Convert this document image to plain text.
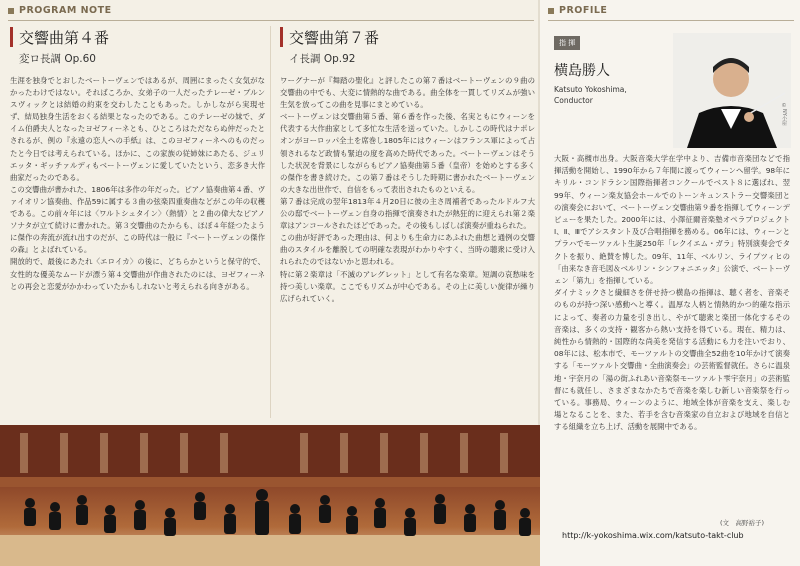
PROGRAM NOTE
交響曲第４番
変ロ長調 Op.60
生涯を独身でとおしたベートーヴェンではあるが、周囲にまったく女気がなかったわけではない。そればころか、女弟子の一人だったテレーゼ・ブルンスヴィックとは結婚の約束を交わしたこともあった。しかしながら実現せず、結局独身生活をおくる結果となったのである。このテレーゼの妹で、ダイム伯爵夫人となったヨゼフィーネとも、ひところはただならぬ仲だったとされるが、例の『永遠の恋人への手紙』は、このヨゼフィーネへのものだったと今日では考えられている。ほかに、この家族の従姉妹にあたる、ジュリエッタ・ギッチァルディもベートーヴェンに愛していたという、恋多き大作曲家だったのである。
この交響曲が書かれた、1806年は多作の年だった。ピアノ協奏曲第４番、ヴァイオリン協奏曲、作品59に属する３曲の弦楽四重奏曲などがこの年の収穫である。この前々年には〈ワルトシュタイン〉（熱情）と２曲の偉大なピアノソナタが立て続けに書かれた。第３交響曲のたからも、ほぼ４年経つたように傑作の奔流が流れ出すのだが、この時代は一般に『ベートーヴェンの傑作の森』とよばれている。
開放的で、最後にあたれ〈エロイカ〉の後に、どちらかというと保守的で、女性的な優美なムードが漂う第４交響曲が作曲されたのには、ヨゼフィーネとの再会と恋愛がかかわっていたかもしれないと考えられる向きがある。
交響曲第７番
イ長調 Op.92
ワーグナーが『舞踏の聖化』と評したこの第７番はベートーヴェンの９曲の交響曲の中でも、大変に情熱的な曲である。曲全体を一貫してリズムが強い生気を放ってこの曲を見事にまとめている。
ベートーヴェンは交響曲第５番、第６番を作った後、名実ともにウィーンを代表する大作曲家として多忙な生活を送っていた。しかしこの時代はナポレオンがヨーロッパ全土を席巻し1805年にはウィーンはフランス軍によって占領されるなど政情も緊迫の度を高めた時代であった。ベートーヴェンはそうした状況を背景にしながらもピアノ協奏曲第５番（皇帝）を始めとする多くの傑作を書き続けた。この第７番はそうした時期に書かれたベートーヴェンの大きな出世作で、自信をもって表出されたものといえる。
第７番は完成の翌年1813年４月20日に彼の主さ周補者であったルドルフ大公の邸でベートーヴェン自身の指揮で演奏されたが熱狂的に迎えられ第２楽章はアンコールされたほどであった。その後もしばしば演奏が重ねられた。
この曲が好評であった理由は、何よりも生命力にあふれた曲想と通例の交響曲のスタイルを離脱しての明確な表現がわかりやすく、当時の聴衆に受け入れられたのではないかと思われる。
特に第２楽章は「不滅のアレグレット」として有名な楽章。短調の哀愁味を持つ美しい楽章。ここでもリズムが中心である。その上に美しい旋律が繰り広げられていく。
PROFILE
指 揮
横島勝人
Katsuto Yokoshima,
Conductor
©NY小屋

大阪・高槻市出身。大阪音楽大学在学中より、吉備市音楽団などで指揮活動を開始し、1990年から７年間に渡ってウィーンへ留学。98年にキリル・コンドラシン国際指揮者コンクールでベスト８に選ばれ、翌99年、ウィーン楽友協会ホールでのトーンキュンストラー交響楽団との演奏会において、ベートーヴェン交響曲第９番を指揮してウィーンデビューを果たした。2000年には、小澤征爾音楽塾オペラプロジェクトⅠ、Ⅱ、Ⅲでアシスタント及び合唱指揮を務める。06年には、ウィーンとプラハでモーツァルト生誕250年「レクイエム・ガラ」特別演奏会でタクトを振り、絶賛を博した。09年、11年、ベルリン、ライプツィヒの「由来なき音毛図＆ベルリン・シンフォニエッタ」公演で、ベートーヴェン「第九」を指揮している。
ダイナミックさと繊細さを併せ持つ横島の指揮は、聴く者を、音楽そのものが持つ深い感動へと導く。温厚な人柄と情熱的かつ的確な指示によって、奏者の力量を引き出し、やがて聴衆と楽団一体化するその音楽は、多くの支持・観客から熱い支持を得ている。現在、精力は、純性から情熱的・国際的な尚美を発信する活動にも力を注いでおり、08年には、松本市で、モーツァルトの交響曲全52曲を10年かけて演奏する「モーツァルト交響曲・全曲演奏会」の芸術監督就任。さらに温泉地・宇奈月の「湯の街ふれあい音楽祭モーツァルト雫宇奈月」の芸術監督にも就任し、さまざまなかたちで音楽を楽しむ新しい音楽祭を行っている。事務局、ウィーンのように、地域全体が音楽を支え、楽しむ場となることを、また、若手を含む音楽家の自立および地域を自信とする組織を立ち上げ、活動を展開中である。

(文　高野裕子)
http://k-yokoshima.wix.com/katsuto-takt-club
